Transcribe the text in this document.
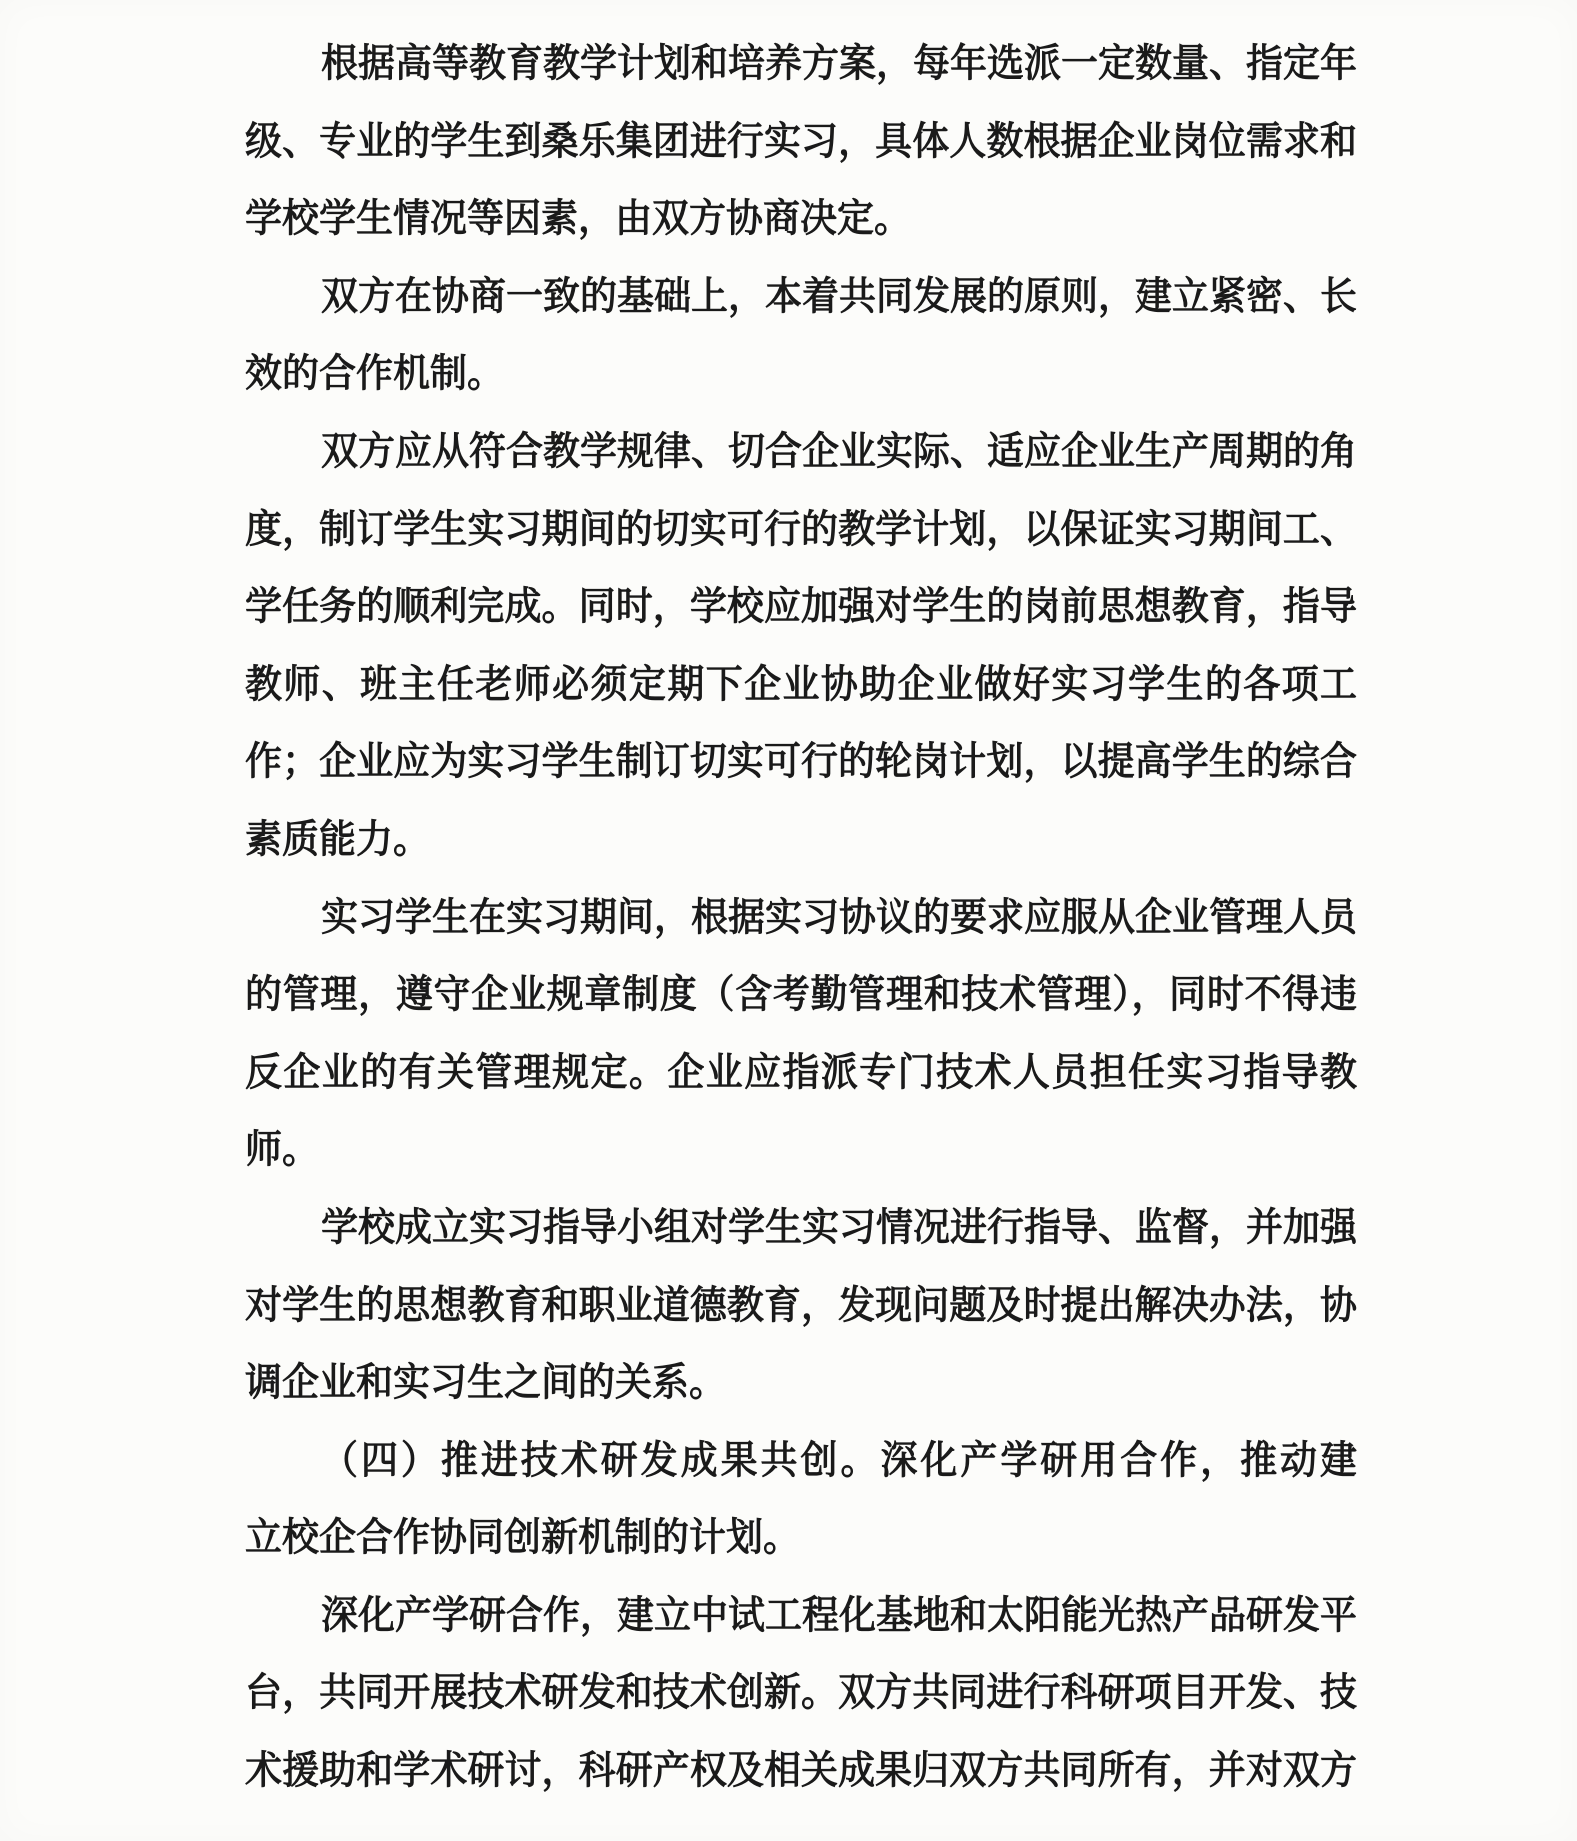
根据高等教育教学计划和培养方案，每年选派一定数量、指定年
级、专业的学生到桑乐集团进行实习，具体人数根据企业岗位需求和
学校学生情况等因素，由双方协商决定。
双方在协商一致的基础上，本着共同发展的原则，建立紧密、长
效的合作机制。
双方应从符合教学规律、切合企业实际、适应企业生产周期的角
度，制订学生实习期间的切实可行的教学计划，以保证实习期间工、
学任务的顺利完成。同时，学校应加强对学生的岗前思想教育，指导
教师、班主任老师必须定期下企业协助企业做好实习学生的各项工
作；企业应为实习学生制订切实可行的轮岗计划，以提高学生的综合
素质能力。
实习学生在实习期间，根据实习协议的要求应服从企业管理人员
的管理，遵守企业规章制度（含考勤管理和技术管理），同时不得违
反企业的有关管理规定。企业应指派专门技术人员担任实习指导教
师。
学校成立实习指导小组对学生实习情况进行指导、监督，并加强
对学生的思想教育和职业道德教育，发现问题及时提出解决办法，协
调企业和实习生之间的关系。
（四）推进技术研发成果共创。深化产学研用合作，推动建
立校企合作协同创新机制的计划。
深化产学研合作，建立中试工程化基地和太阳能光热产品研发平
台，共同开展技术研发和技术创新。双方共同进行科研项目开发、技
术援助和学术研讨，科研产权及相关成果归双方共同所有，并对双方
